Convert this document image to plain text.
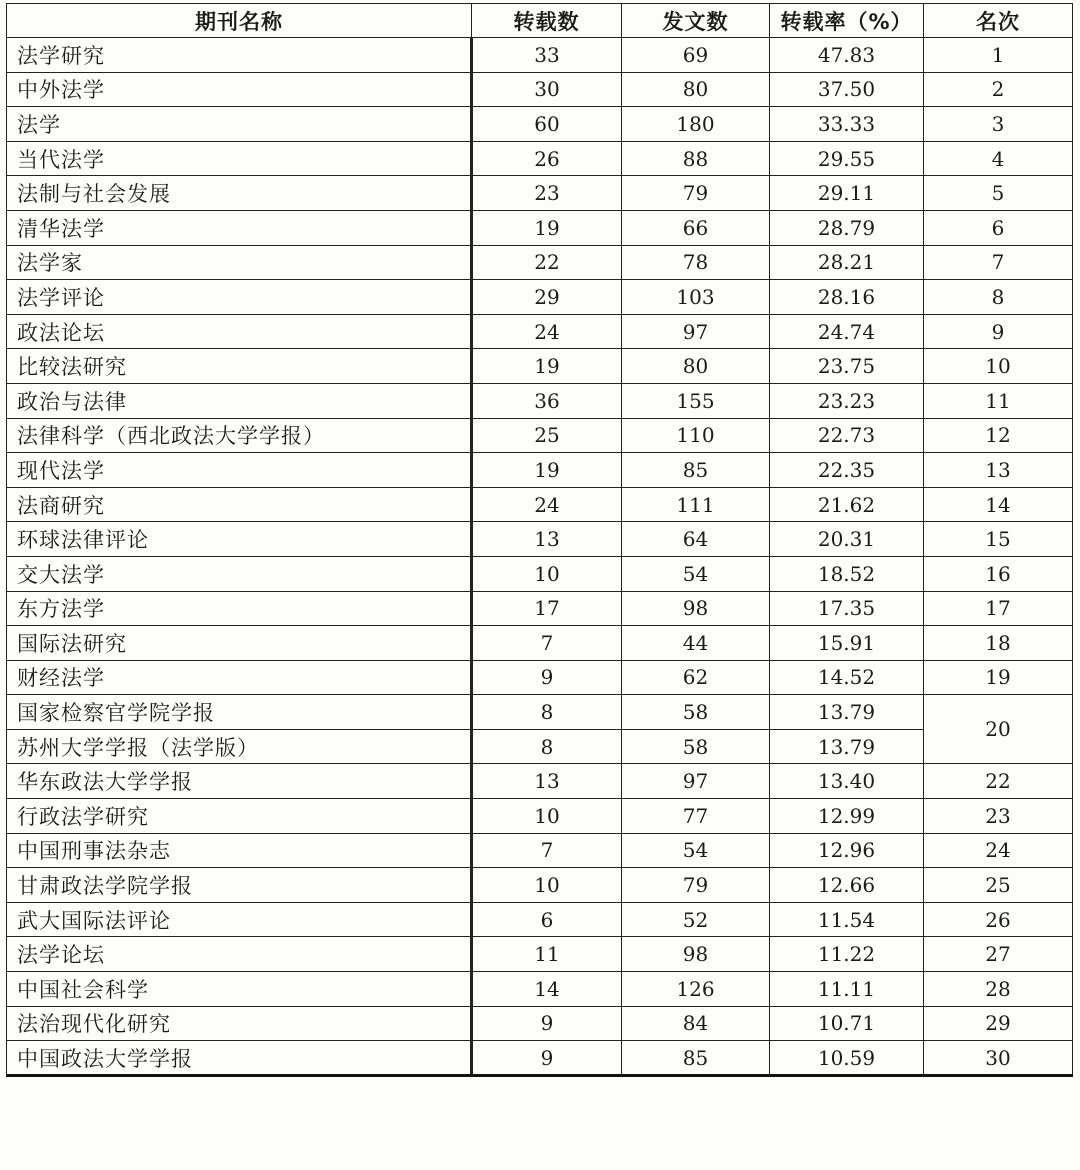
期刊名称	转载数	发文数	转载率（%）	名次
法学研究	33	69	47.83	1
中外法学	30	80	37.50	2
法学	60	180	33.33	3
当代法学	26	88	29.55	4
法制与社会发展	23	79	29.11	5
清华法学	19	66	28.79	6
法学家	22	78	28.21	7
法学评论	29	103	28.16	8
政法论坛	24	97	24.74	9
比较法研究	19	80	23.75	10
政治与法律	36	155	23.23	11
法律科学（西北政法大学学报）	25	110	22.73	12
现代法学	19	85	22.35	13
法商研究	24	111	21.62	14
环球法律评论	13	64	20.31	15
交大法学	10	54	18.52	16
东方法学	17	98	17.35	17
国际法研究	7	44	15.91	18
财经法学	9	62	14.52	19
国家检察官学院学报	8	58	13.79	20
苏州大学学报（法学版）	8	58	13.79	
华东政法大学学报	13	97	13.40	22
行政法学研究	10	77	12.99	23
中国刑事法杂志	7	54	12.96	24
甘肃政法学院学报	10	79	12.66	25
武大国际法评论	6	52	11.54	26
法学论坛	11	98	11.22	27
中国社会科学	14	126	11.11	28
法治现代化研究	9	84	10.71	29
中国政法大学学报	9	85	10.59	30
